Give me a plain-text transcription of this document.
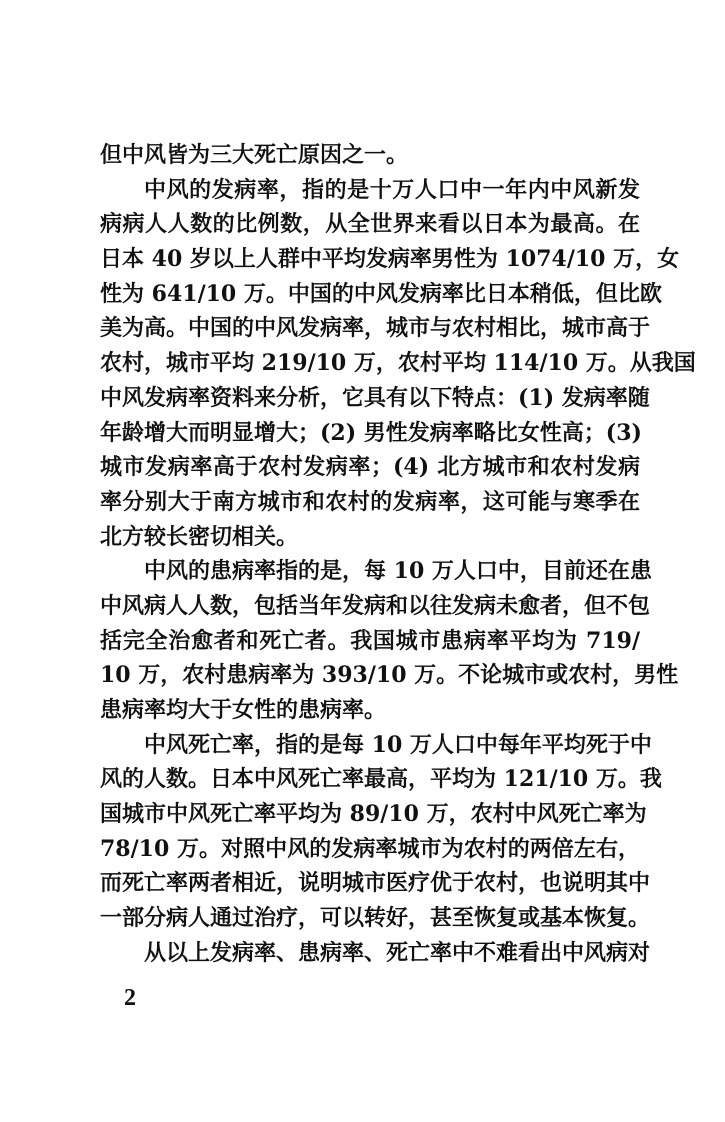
但中风皆为三大死亡原因之一。
中风的发病率，指的是十万人口中一年内中风新发
病病人人数的比例数，从全世界来看以日本为最高。在
日本 40 岁以上人群中平均发病率男性为 1074/10 万，女
性为 641/10 万。中国的中风发病率比日本稍低，但比欧
美为高。中国的中风发病率，城市与农村相比，城市高于
农村，城市平均 219/10 万，农村平均 114/10 万。从我国
中风发病率资料来分析，它具有以下特点：(1) 发病率随
年龄增大而明显增大；(2) 男性发病率略比女性高；(3)
城市发病率高于农村发病率；(4) 北方城市和农村发病
率分别大于南方城市和农村的发病率，这可能与寒季在
北方较长密切相关。
中风的患病率指的是，每 10 万人口中，目前还在患
中风病人人数，包括当年发病和以往发病未愈者，但不包
括完全治愈者和死亡者。我国城市患病率平均为 719/
10 万，农村患病率为 393/10 万。不论城市或农村，男性
患病率均大于女性的患病率。
中风死亡率，指的是每 10 万人口中每年平均死于中
风的人数。日本中风死亡率最高，平均为 121/10 万。我
国城市中风死亡率平均为 89/10 万，农村中风死亡率为
78/10 万。对照中风的发病率城市为农村的两倍左右，
而死亡率两者相近，说明城市医疗优于农村，也说明其中
一部分病人通过治疗，可以转好，甚至恢复或基本恢复。
从以上发病率、患病率、死亡率中不难看出中风病对
2
